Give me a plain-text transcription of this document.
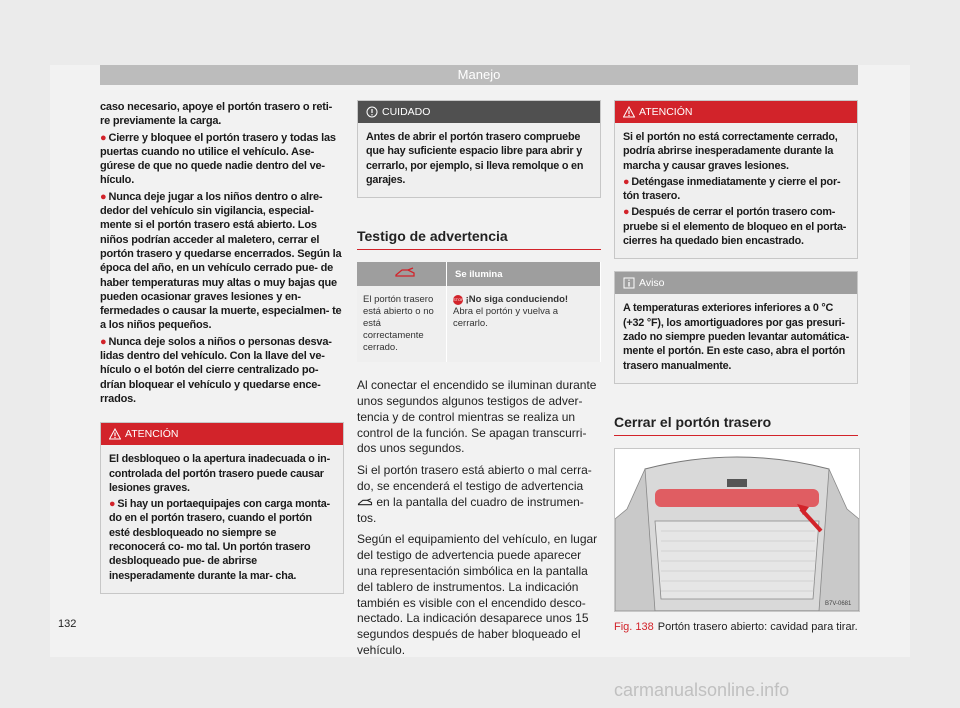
Manejo

caso necesario, apoye el portón trasero o reti- re previamente la carga.

● Cierre y bloquee el portón trasero y todas las puertas cuando no utilice el vehículo. Ase- gúrese de que no quede nadie dentro del ve- hículo.

● Nunca deje jugar a los niños dentro o alre- dedor del vehículo sin vigilancia, especial- mente si el portón trasero está abierto. Los niños podrían acceder al maletero, cerrar el portón trasero y quedarse encerrados. Según la época del año, en un vehículo cerrado pue- de haber temperaturas muy altas o muy bajas que pueden ocasionar graves lesiones y en- fermedades o causar la muerte, especialmen- te a los niños pequeños.

● Nunca deje solos a niños o personas desva- lidas dentro del vehículo. Con la llave del ve- hículo o el botón del cierre centralizado po- drían bloquear el vehículo y quedarse ence- rrados.

ATENCIÓN

El desbloqueo o la apertura inadecuada o in- controlada del portón trasero puede causar lesiones graves.

● Si hay un portaequipajes con carga monta- do en el portón trasero, cuando el portón esté desbloqueado no siempre se reconocerá co- mo tal. Un portón trasero desbloqueado pue- de abrirse inesperadamente durante la mar- cha.

CUIDADO

Antes de abrir el portón trasero compruebe que hay suficiente espacio libre para abrir y cerrarlo, por ejemplo, si lleva remolque o en garajes.

Testigo de advertencia
	Se ilumina
El portón trasero está abierto o no está correctamente cerrado.	STOP ¡No siga conduciendo!
Abra el portón y vuelva a cerrarlo.

Al conectar el encendido se iluminan durante unos segundos algunos testigos de adver- tencia y de control mientras se realiza un control de la función. Se apagan transcurri- dos unos segundos.

Si el portón trasero está abierto o mal cerra- do, se encenderá el testigo de advertencia  en la pantalla del cuadro de instrumen- tos.

Según el equipamiento del vehículo, en lugar del testigo de advertencia puede aparecer una representación simbólica en la pantalla del tablero de instrumentos. La indicación también es visible con el encendido desco- nectado. La indicación desaparece unos 15 segundos después de haber bloqueado el vehículo.

ATENCIÓN

Si el portón no está correctamente cerrado, podría abrirse inesperadamente durante la marcha y causar graves lesiones.

● Deténgase inmediatamente y cierre el por- tón trasero.

● Después de cerrar el portón trasero com- pruebe si el elemento de bloqueo en el porta- cierres ha quedado bien encastrado.

Aviso

A temperaturas exteriores inferiores a 0 °C (+32 °F), los amortiguadores por gas presuri- zado no siempre pueden levantar automática- mente el portón. En este caso, abra el portón trasero manualmente.

Cerrar el portón trasero
B7V-0681
Fig. 138 Portón trasero abierto: cavidad para tirar.
132
carmanualsonline.info
